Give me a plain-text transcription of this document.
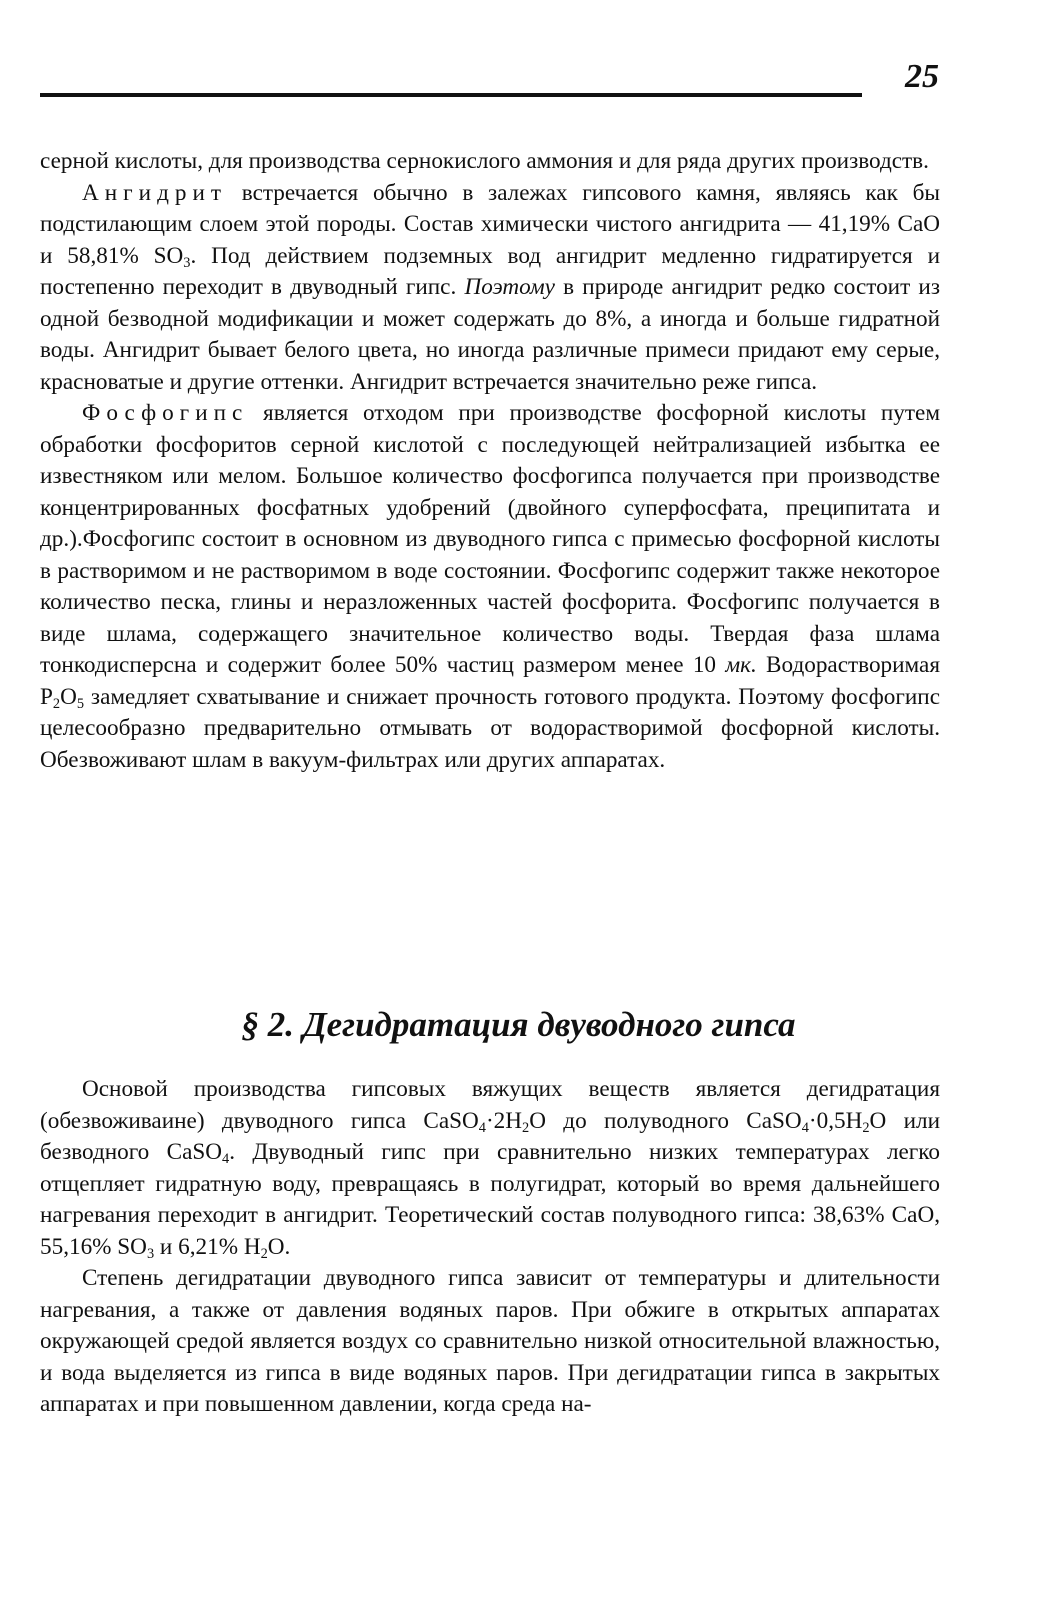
25

серной кислоты, для производства сернокислого аммония и для ряда других производств.

Ангидрит встречается обычно в залежах гипсового камня, являясь как бы подстилающим слоем этой породы. Состав химически чистого ангидрита — 41,19% CaO и 58,81% $SO_3$. Под действием подземных вод ангидрит медленно гидратируется и постепенно переходит в двуводный гипс. Поэтому в природе ангидрит редко состоит из одной безводной модификации и может содержать до 8%, а иногда и больше гидратной воды. Ангидрит бывает белого цвета, но иногда различные примеси придают ему серые, красноватые и другие оттенки. Ангидрит встречается значительно реже гипса.

Фосфогипс является отходом при производстве фосфорной кислоты путем обработки фосфоритов серной кислотой с последующей нейтрализацией избытка ее известняком или мелом. Большое количество фосфогипса получается при производстве концентрированных фосфатных удобрений (двойного суперфосфата, преципитата и др.).Фосфогипс состоит в основном из двуводного гипса с примесью фосфорной кислоты в растворимом и не растворимом в воде состоянии. Фосфогипс содержит также некоторое количество песка, глины и неразложенных частей фосфорита. Фосфогипс получается в виде шлама, содержащего значительное количество воды. Твердая фаза шлама тонкодисперсна и содержит более 50% частиц размером менее 10 мк. Водорастворимая $P_2O_5$ замедляет схватывание и снижает прочность готового продукта. Поэтому фосфогипс целесообразно предварительно отмывать от водорастворимой фосфорной кислоты. Обезвоживают шлам в вакуум-фильтрах или других аппаратах.

§ 2. Дегидратация двуводного гипса

Основой производства гипсовых вяжущих веществ является дегидратация (обезвоживаине) двуводного гипса $CaSO_4\cdot 2H_2O$ до полуводного $CaSO_4\cdot 0,5H_2O$ или безводного CaSO$_4$. Двуводный гипс при сравнительно низких температурах легко отщепляет гидратную воду, превращаясь в полугидрат, который во время дальнейшего нагревания переходит в ангидрит. Теоретический состав полуводного гипса: 38,63% CaO, 55,16% $SO_3$ и 6,21% $H_2O$.

Степень дегидратации двуводного гипса зависит от температуры и длительности нагревания, а также от давления водяных паров. При обжиге в открытых аппаратах окружающей средой является воздух со сравнительно низкой относительной влажностью, и вода выделяется из гипса в виде водяных паров. При дегидратации гипса в закрытых аппаратах и при повышенном давлении, когда среда на-
